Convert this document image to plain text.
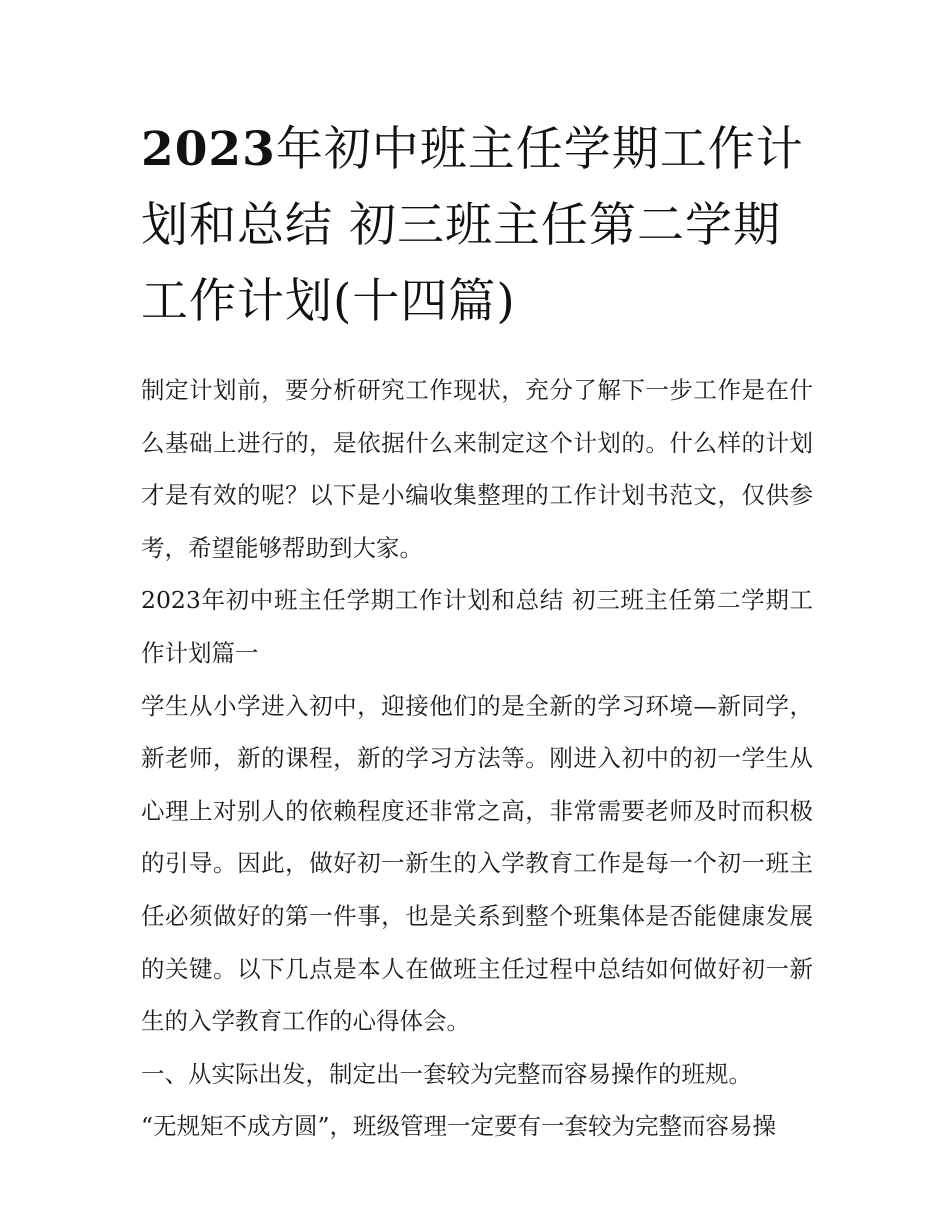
2023年初中班主任学期工作计划和总结 初三班主任第二学期工作计划(十四篇)

制定计划前，要分析研究工作现状，充分了解下一步工作是在什么基础上进行的，是依据什么来制定这个计划的。什么样的计划才是有效的呢？以下是小编收集整理的工作计划书范文，仅供参考，希望能够帮助到大家。

2023年初中班主任学期工作计划和总结 初三班主任第二学期工作计划篇一

学生从小学进入初中，迎接他们的是全新的学习环境—新同学，新老师，新的课程，新的学习方法等。刚进入初中的初一学生从心理上对别人的依赖程度还非常之高，非常需要老师及时而积极的引导。因此，做好初一新生的入学教育工作是每一个初一班主任必须做好的第一件事，也是关系到整个班集体是否能健康发展的关键。以下几点是本人在做班主任过程中总结如何做好初一新生的入学教育工作的心得体会。

一、从实际出发，制定出一套较为完整而容易操作的班规。

“无规矩不成方圆”，班级管理一定要有一套较为完整而容易操
